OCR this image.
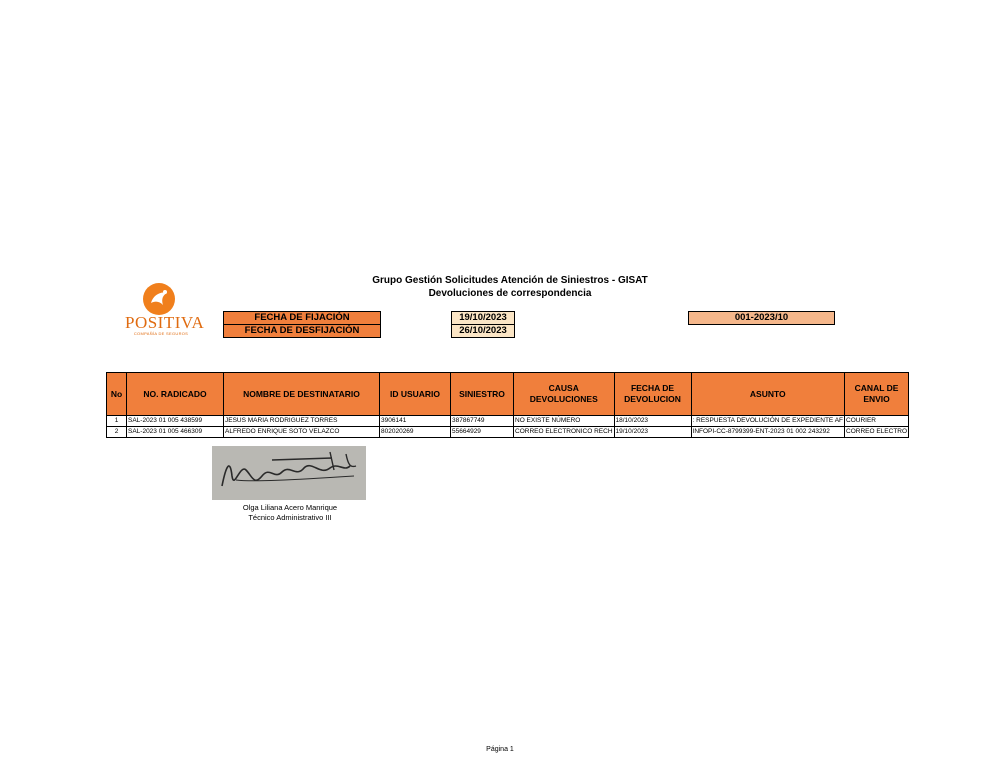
Grupo Gestión Solicitudes Atención de Siniestros - GISAT
Devoluciones de correspondencia
POSITIVA
COMPAÑÍA DE SEGUROS
FECHA DE FIJACIÓN	19/10/2023
FECHA DE DESFIJACIÓN	26/10/2023
001-2023/10
No	NO. RADICADO	NOMBRE DE DESTINATARIO	ID USUARIO	SINIESTRO	CAUSA DEVOLUCIONES	FECHA DE DEVOLUCION	ASUNTO	CANAL DE ENVIO
1	SAL-2023 01 005 438599	JESUS MARIA RODRIGUEZ TORRES	3906141	387867749	NO EXISTE NÚMERO	18/10/2023	: RESPUESTA DEVOLUCIÓN DE EXPEDIENTE AF	COURIER
2	SAL-2023 01 005 466309	ALFREDO ENRIQUE SOTO VELAZCO	802020269	55664929	CORREO ELECTRONICO RECH	19/10/2023	INFOPI-CC-8799399-ENT-2023 01 002 243292	CORREO ELECTRO
Olga Liliana Acero Manrique
Técnico Administrativo III
Página 1
